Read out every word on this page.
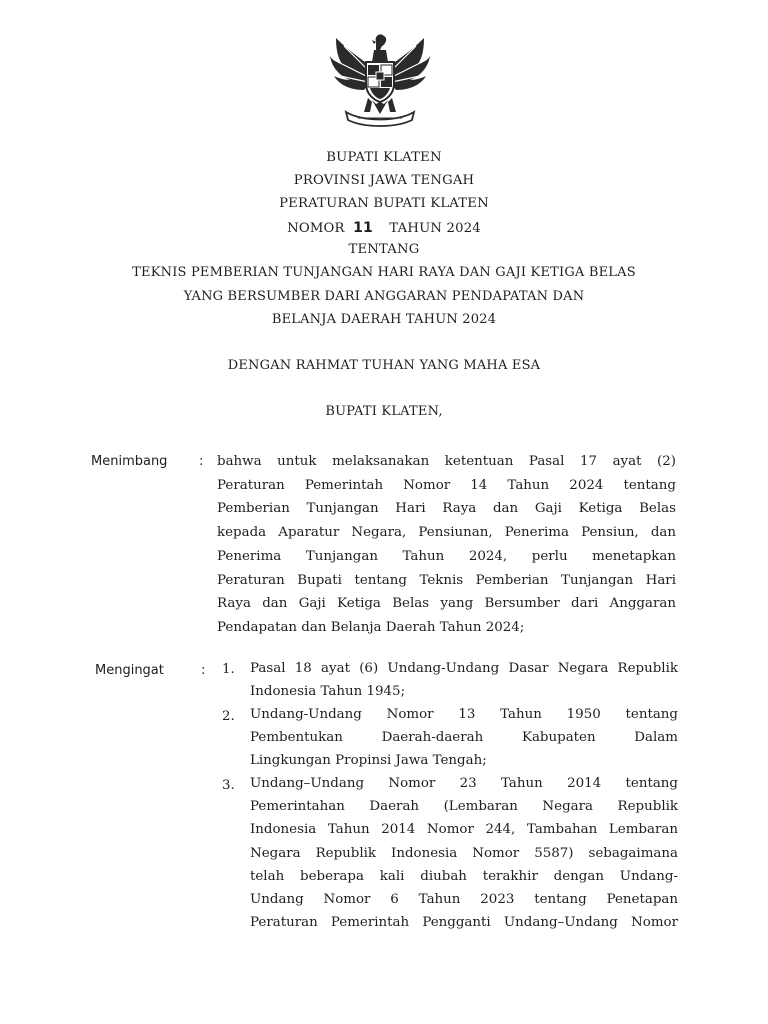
BUPATI KLATEN
PROVINSI JAWA TENGAH
PERATURAN BUPATI KLATEN
NOMOR 11 TAHUN 2024
TENTANG
TEKNIS PEMBERIAN TUNJANGAN HARI RAYA DAN GAJI KETIGA BELAS
YANG BERSUMBER DARI ANGGARAN PENDAPATAN DAN
BELANJA DAERAH TAHUN 2024
DENGAN RAHMAT TUHAN YANG MAHA ESA
BUPATI KLATEN,
Menimbang : bahwa untuk melaksanakan ketentuan Pasal 17 ayat (2)
Peraturan Pemerintah Nomor 14 Tahun 2024 tentang
Pemberian Tunjangan Hari Raya dan Gaji Ketiga Belas
kepada Aparatur Negara, Pensiunan, Penerima Pensiun, dan
Penerima Tunjangan Tahun 2024, perlu menetapkan
Peraturan Bupati tentang Teknis Pemberian Tunjangan Hari
Raya dan Gaji Ketiga Belas yang Bersumber dari Anggaran
Pendapatan dan Belanja Daerah Tahun 2024;
Mengingat	: 1. Pasal 18 ayat (6) Undang-Undang Dasar Negara Republik
Indonesia Tahun 1945;
2. Undang-Undang Nomor 13 Tahun 1950 tentang
Pembentukan Daerah-daerah Kabupaten Dalam
Lingkungan Propinsi Jawa Tengah;
3. Undang–Undang Nomor 23 Tahun 2014 tentang
Pemerintahan Daerah (Lembaran Negara Republik
Indonesia Tahun 2014 Nomor 244, Tambahan Lembaran
Negara Republik Indonesia Nomor 5587) sebagaimana
telah beberapa kali diubah terakhir dengan Undang-
Undang Nomor 6 Tahun 2023 tentang Penetapan
Peraturan Pemerintah Pengganti Undang–Undang Nomor
